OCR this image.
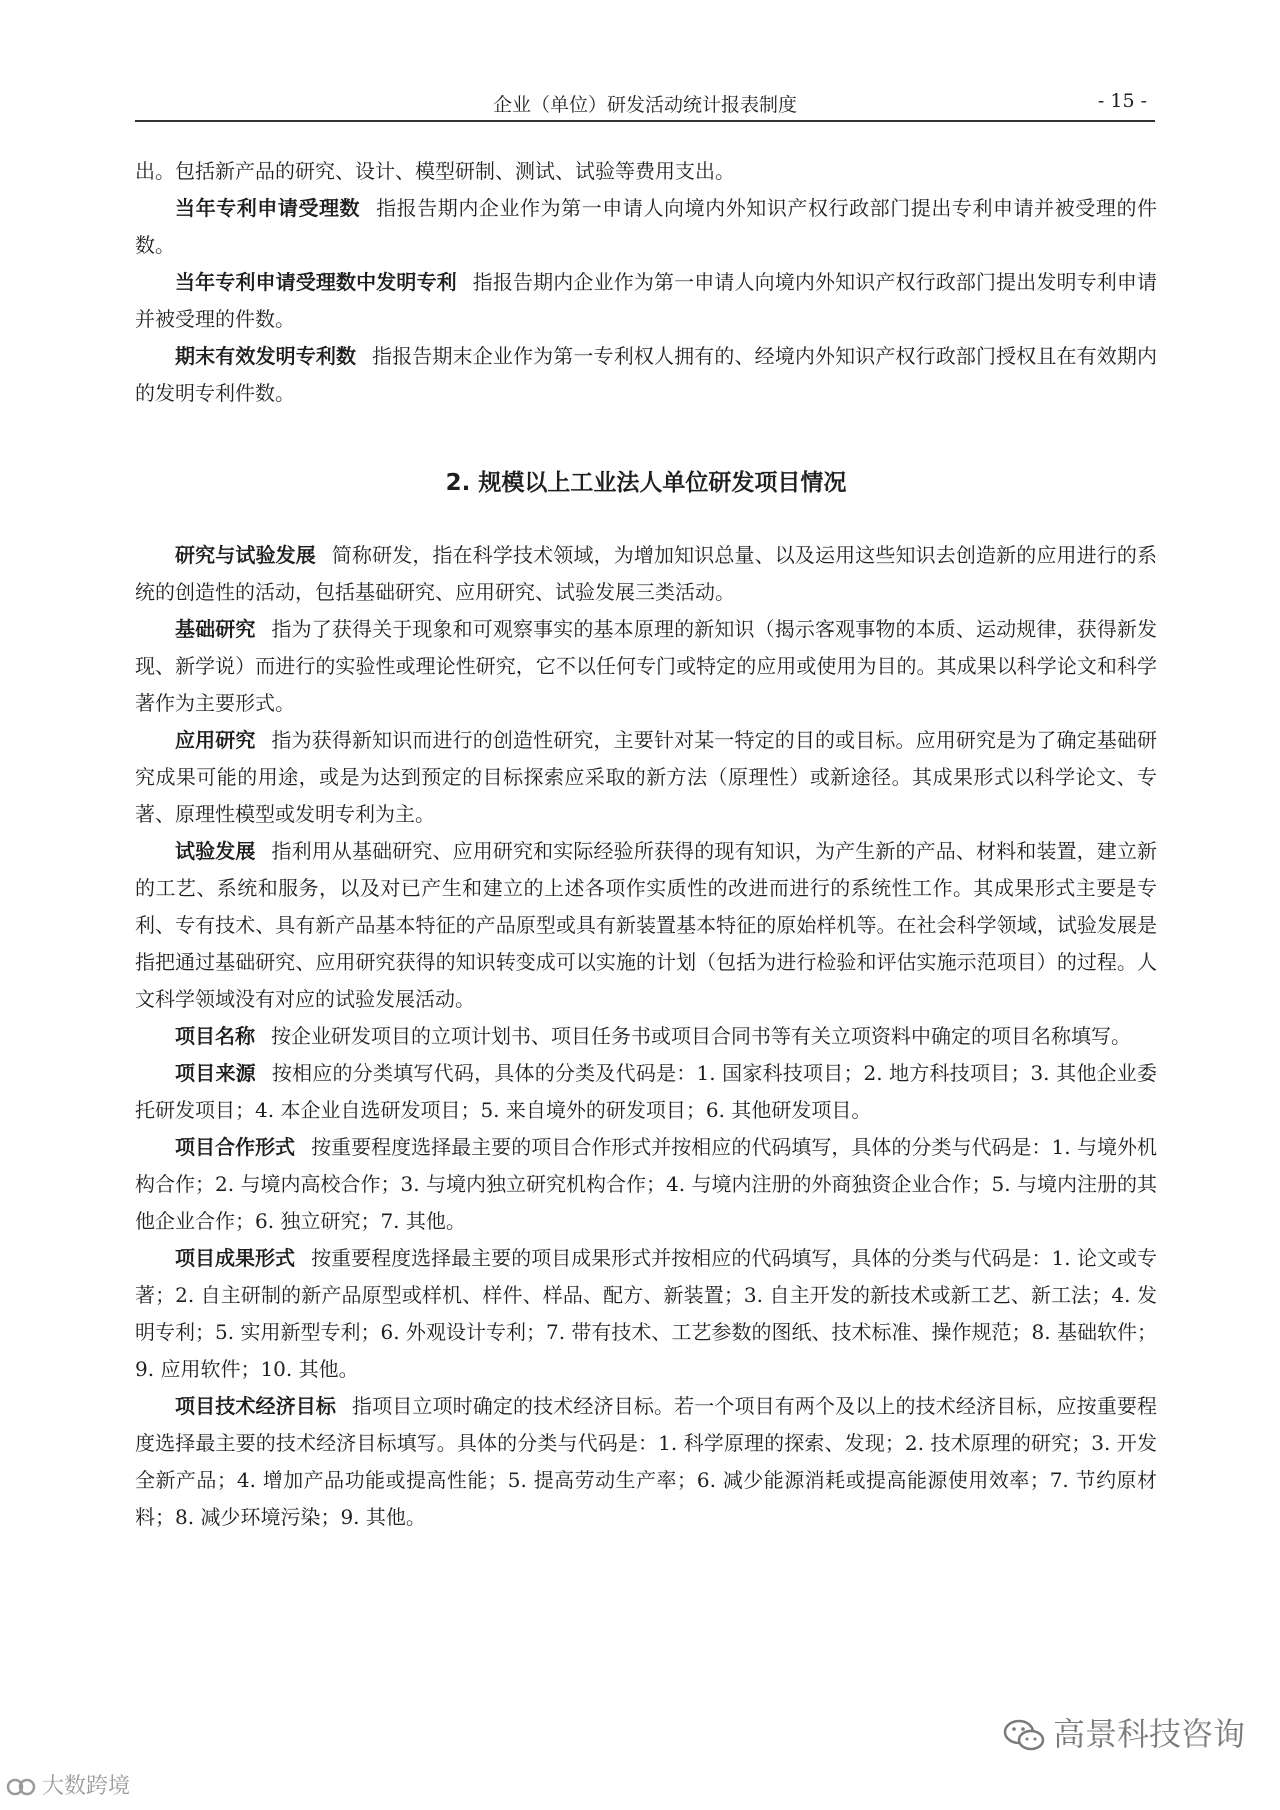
企业（单位）研发活动统计报表制度	- 15 -

出。包括新产品的研究、设计、模型研制、测试、试验等费用支出。

当年专利申请受理数 指报告期内企业作为第一申请人向境内外知识产权行政部门提出专利申请并被受理的件数。

当年专利申请受理数中发明专利 指报告期内企业作为第一申请人向境内外知识产权行政部门提出发明专利申请并被受理的件数。

期末有效发明专利数 指报告期末企业作为第一专利权人拥有的、经境内外知识产权行政部门授权且在有效期内的发明专利件数。

2. 规模以上工业法人单位研发项目情况

研究与试验发展 简称研发，指在科学技术领域，为增加知识总量、以及运用这些知识去创造新的应用进行的系统的创造性的活动，包括基础研究、应用研究、试验发展三类活动。

基础研究 指为了获得关于现象和可观察事实的基本原理的新知识（揭示客观事物的本质、运动规律，获得新发现、新学说）而进行的实验性或理论性研究，它不以任何专门或特定的应用或使用为目的。其成果以科学论文和科学著作为主要形式。

应用研究 指为获得新知识而进行的创造性研究，主要针对某一特定的目的或目标。应用研究是为了确定基础研究成果可能的用途，或是为达到预定的目标探索应采取的新方法（原理性）或新途径。其成果形式以科学论文、专著、原理性模型或发明专利为主。

试验发展 指利用从基础研究、应用研究和实际经验所获得的现有知识，为产生新的产品、材料和装置，建立新的工艺、系统和服务，以及对已产生和建立的上述各项作实质性的改进而进行的系统性工作。其成果形式主要是专利、专有技术、具有新产品基本特征的产品原型或具有新装置基本特征的原始样机等。在社会科学领域，试验发展是指把通过基础研究、应用研究获得的知识转变成可以实施的计划（包括为进行检验和评估实施示范项目）的过程。人文科学领域没有对应的试验发展活动。

项目名称 按企业研发项目的立项计划书、项目任务书或项目合同书等有关立项资料中确定的项目名称填写。

项目来源 按相应的分类填写代码，具体的分类及代码是：1. 国家科技项目；2. 地方科技项目；3. 其他企业委托研发项目；4. 本企业自选研发项目；5. 来自境外的研发项目；6. 其他研发项目。

项目合作形式 按重要程度选择最主要的项目合作形式并按相应的代码填写，具体的分类与代码是：1. 与境外机构合作；2. 与境内高校合作；3. 与境内独立研究机构合作；4. 与境内注册的外商独资企业合作；5. 与境内注册的其他企业合作；6. 独立研究；7. 其他。

项目成果形式 按重要程度选择最主要的项目成果形式并按相应的代码填写，具体的分类与代码是：1. 论文或专著；2. 自主研制的新产品原型或样机、样件、样品、配方、新装置；3. 自主开发的新技术或新工艺、新工法；4. 发明专利；5. 实用新型专利；6. 外观设计专利；7. 带有技术、工艺参数的图纸、技术标准、操作规范；8. 基础软件；9. 应用软件；10. 其他。

项目技术经济目标 指项目立项时确定的技术经济目标。若一个项目有两个及以上的技术经济目标，应按重要程度选择最主要的技术经济目标填写。具体的分类与代码是：1. 科学原理的探索、发现；2. 技术原理的研究；3. 开发全新产品；4. 增加产品功能或提高性能；5. 提高劳动生产率；6. 减少能源消耗或提高能源使用效率；7. 节约原材料；8. 减少环境污染；9. 其他。

大数跨境
高景科技咨询
